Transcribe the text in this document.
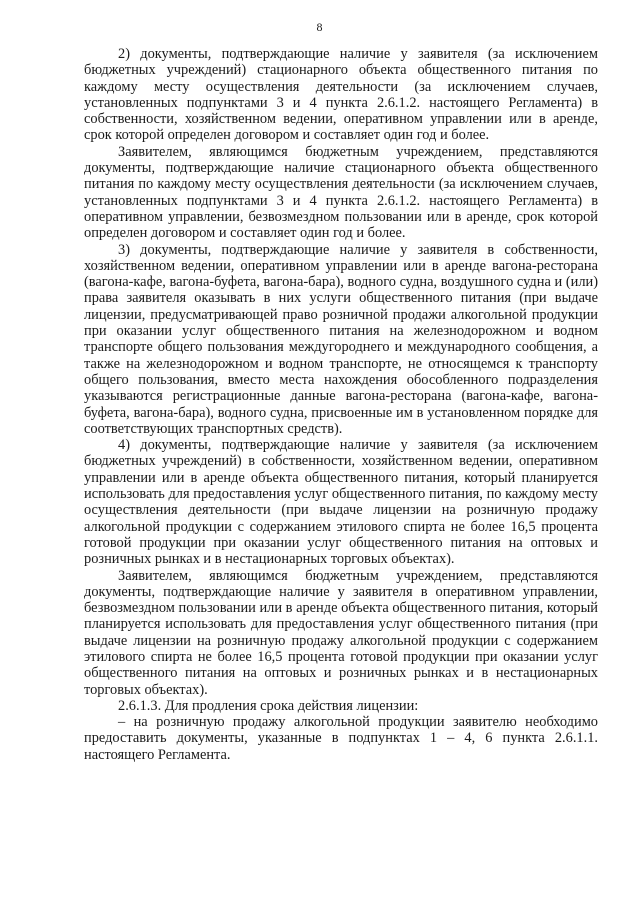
8

2) документы, подтверждающие наличие у заявителя (за исключением бюджетных учреждений) стационарного объекта общественного питания по каждому месту осуществления деятельности (за исключением случаев, установленных подпунктами 3 и 4 пункта 2.6.1.2. настоящего Регламента) в собственности, хозяйственном ведении, оперативном управлении или в аренде, срок которой определен договором и составляет один год и более.

Заявителем, являющимся бюджетным учреждением, представляются документы, подтверждающие наличие стационарного объекта общественного питания по каждому месту осуществления деятельности (за исключением случаев, установленных подпунктами 3 и 4 пункта 2.6.1.2. настоящего Регламента) в оперативном управлении, безвозмездном пользовании или в аренде, срок которой определен договором и составляет один год и более.

3) документы, подтверждающие наличие у заявителя в собственности, хозяйственном ведении, оперативном управлении или в аренде вагона-ресторана (вагона-кафе, вагона-буфета, вагона-бара), водного судна, воздушного судна и (или) права заявителя оказывать в них услуги общественного питания (при выдаче лицензии, предусматривающей право розничной продажи алкогольной продукции при оказании услуг общественного питания на железнодорожном и водном транспорте общего пользования междугороднего и международного сообщения, а также на железнодорожном и водном транспорте, не относящемся к транспорту общего пользования, вместо места нахождения обособленного подразделения указываются регистрационные данные вагона-ресторана (вагона-кафе, вагона-буфета, вагона-бара), водного судна, присвоенные им в установленном порядке для соответствующих транспортных средств).

4) документы, подтверждающие наличие у заявителя (за исключением бюджетных учреждений) в собственности, хозяйственном ведении, оперативном управлении или в аренде объекта общественного питания, который планируется использовать для предоставления услуг общественного питания, по каждому месту осуществления деятельности (при выдаче лицензии на розничную продажу алкогольной продукции с содержанием этилового спирта не более 16,5 процента готовой продукции при оказании услуг общественного питания на оптовых и розничных рынках и в нестационарных торговых объектах).

Заявителем, являющимся бюджетным учреждением, представляются документы, подтверждающие наличие у заявителя в оперативном управлении, безвозмездном пользовании или в аренде объекта общественного питания, который планируется использовать для предоставления услуг общественного питания (при выдаче лицензии на розничную продажу алкогольной продукции с содержанием этилового спирта не более 16,5 процента готовой продукции при оказании услуг общественного питания на оптовых и розничных рынках и в нестационарных торговых объектах).

2.6.1.3. Для продления срока действия лицензии:

– на розничную продажу алкогольной продукции заявителю необходимо предоставить документы, указанные в подпунктах 1 – 4, 6 пункта 2.6.1.1. настоящего Регламента.
